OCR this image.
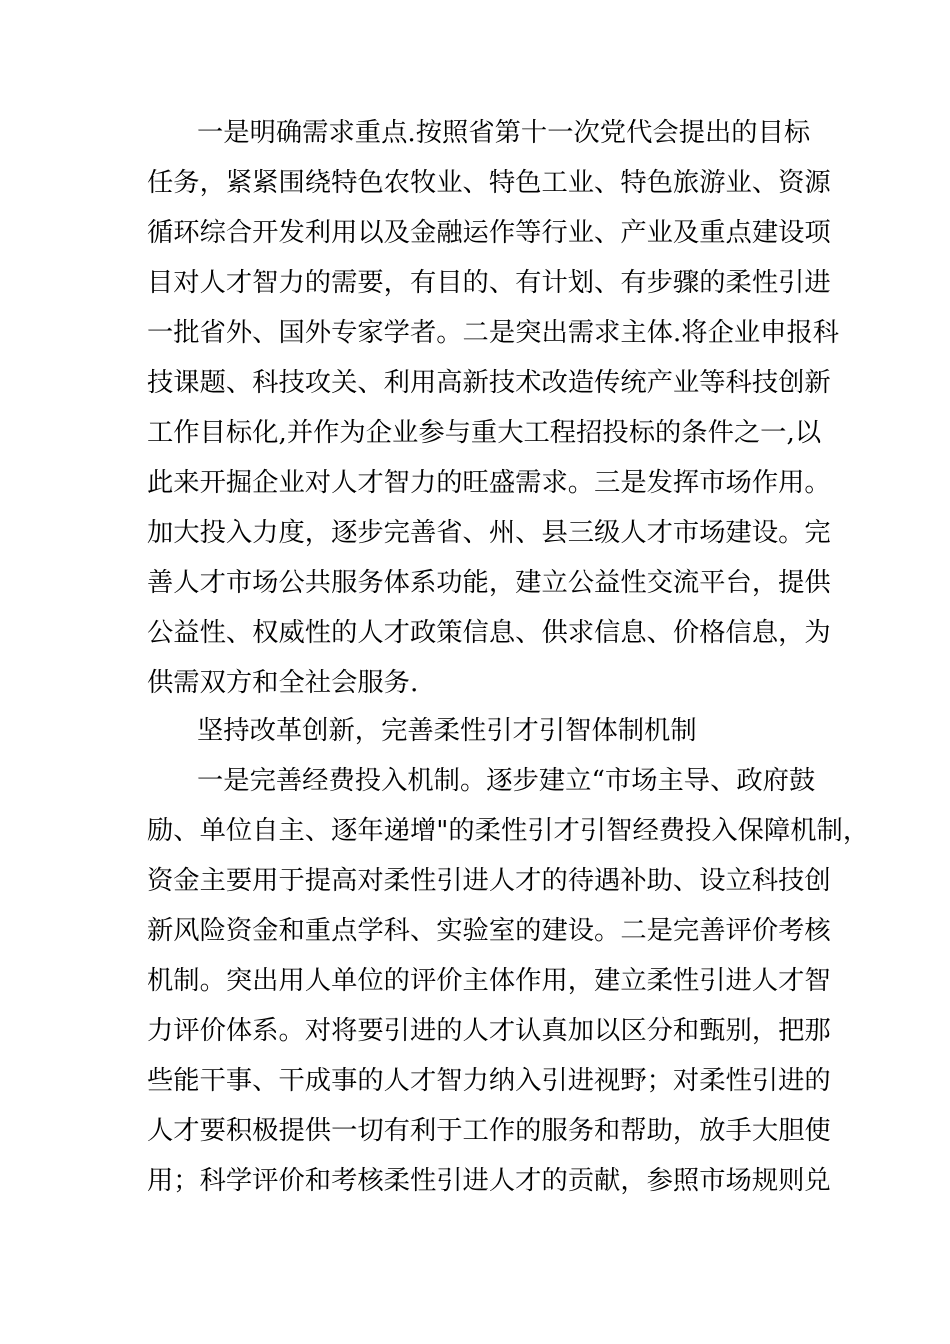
一是明确需求重点.按照省第十一次党代会提出的目标
任务，紧紧围绕特色农牧业、特色工业、特色旅游业、资源
循环综合开发利用以及金融运作等行业、产业及重点建设项
目对人才智力的需要，有目的、有计划、有步骤的柔性引进
一批省外、国外专家学者。二是突出需求主体.将企业申报科
技课题、科技攻关、利用高新技术改造传统产业等科技创新
工作目标化,并作为企业参与重大工程招投标的条件之一,以
此来开掘企业对人才智力的旺盛需求。三是发挥市场作用。
加大投入力度，逐步完善省、州、县三级人才市场建设。完
善人才市场公共服务体系功能，建立公益性交流平台，提供
公益性、权威性的人才政策信息、供求信息、价格信息，为
供需双方和全社会服务.
坚持改革创新，完善柔性引才引智体制机制
一是完善经费投入机制。逐步建立“市场主导、政府鼓
励、单位自主、逐年递增"的柔性引才引智经费投入保障机制，
资金主要用于提高对柔性引进人才的待遇补助、设立科技创
新风险资金和重点学科、实验室的建设。二是完善评价考核
机制。突出用人单位的评价主体作用，建立柔性引进人才智
力评价体系。对将要引进的人才认真加以区分和甄别，把那
些能干事、干成事的人才智力纳入引进视野；对柔性引进的
人才要积极提供一切有利于工作的服务和帮助，放手大胆使
用；科学评价和考核柔性引进人才的贡献，参照市场规则兑
